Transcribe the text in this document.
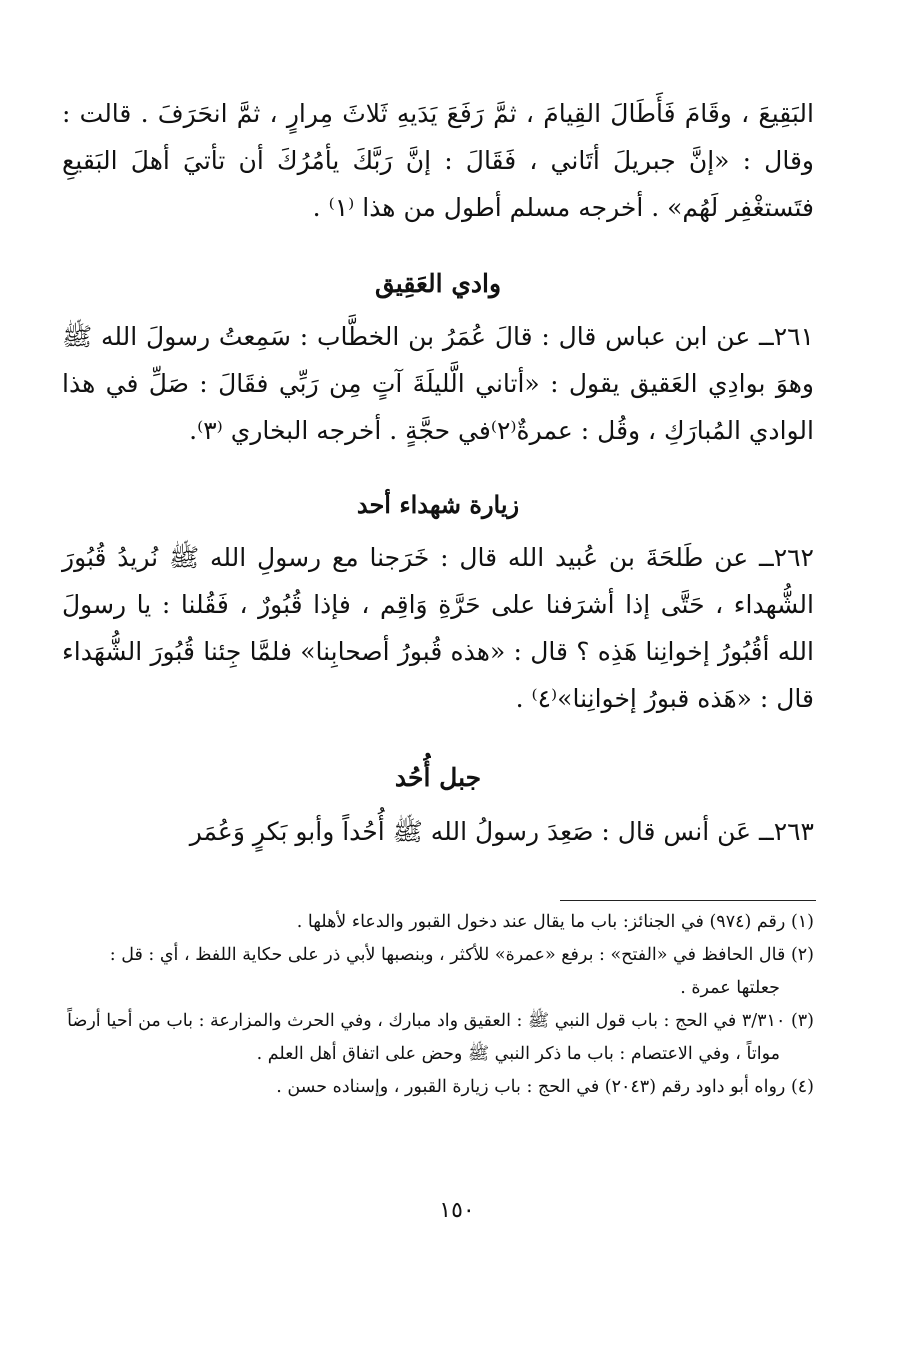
البَقِيعَ ، وقَامَ فَأَطَالَ القِيامَ ، ثمَّ رَفَعَ يَدَيهِ ثَلاثَ مِرارٍ ، ثمَّ انحَرَفَ . قالت : وقال : «إنَّ جبريلَ أتَاني ، فَقَالَ : إنَّ رَبَّكَ يأمُرُكَ أن تأتيَ أهلَ البَقيعِ فتَستغْفِر لَهُم» . أخرجه مسلم أطول من هذا ⁽١⁾ .

وادي العَقِيق

٢٦١ــ عن ابن عباس قال : قالَ عُمَرُ بن الخطَّاب : سَمِعتُ رسولَ الله ﷺ وهوَ بوادِي العَقيق يقول : «أتاني الَّليلَةَ آتٍ مِن رَبِّي فقَالَ : صَلِّ في هذا الوادي المُبارَكِ ، وقُل : عمرةٌ⁽٢⁾في حجَّةٍ . أخرجه البخاري ⁽٣⁾.

زيارة شهداء أحد

٢٦٢ــ عن طَلحَةَ بن عُبيد الله قال : خَرَجنا مع رسولِ الله ﷺ نُريدُ قُبُورَ الشُّهداء ، حَتَّى إذا أشرَفنا على حَرَّةِ وَاقِم ، فإذا قُبُورٌ ، فَقُلنا : يا رسولَ الله أقُبُورُ إخوانِنا هَذِه ؟ قال : «هذه قُبورُ أصحابِنا» فلمَّا جِئنا قُبُورَ الشُّهَداء قال : «هَذه قبورُ إخوانِنا»⁽٤⁾ .

جبل أُحُد

٢٦٣ــ عَن أنس قال : صَعِدَ رسولُ الله ﷺ أُحُداً وأبو بَكرٍ وَعُمَر

(١) رقم (٩٧٤) في الجنائز: باب ما يقال عند دخول القبور والدعاء لأهلها .

(٢) قال الحافظ في «الفتح» : برفع «عمرة» للأكثر ، وبنصبها لأبي ذر على حكاية اللفظ ، أي : قل : جعلتها عمرة .

(٣) ٣/٣١٠ في الحج : باب قول النبي ﷺ : العقيق واد مبارك ، وفي الحرث والمزارعة : باب من أحيا أرضاً مواتاً ، وفي الاعتصام : باب ما ذكر النبي ﷺ وحض على اتفاق أهل العلم .

(٤) رواه أبو داود رقم (٢٠٤٣) في الحج : باب زيارة القبور ، وإسناده حسن .

١٥٠
